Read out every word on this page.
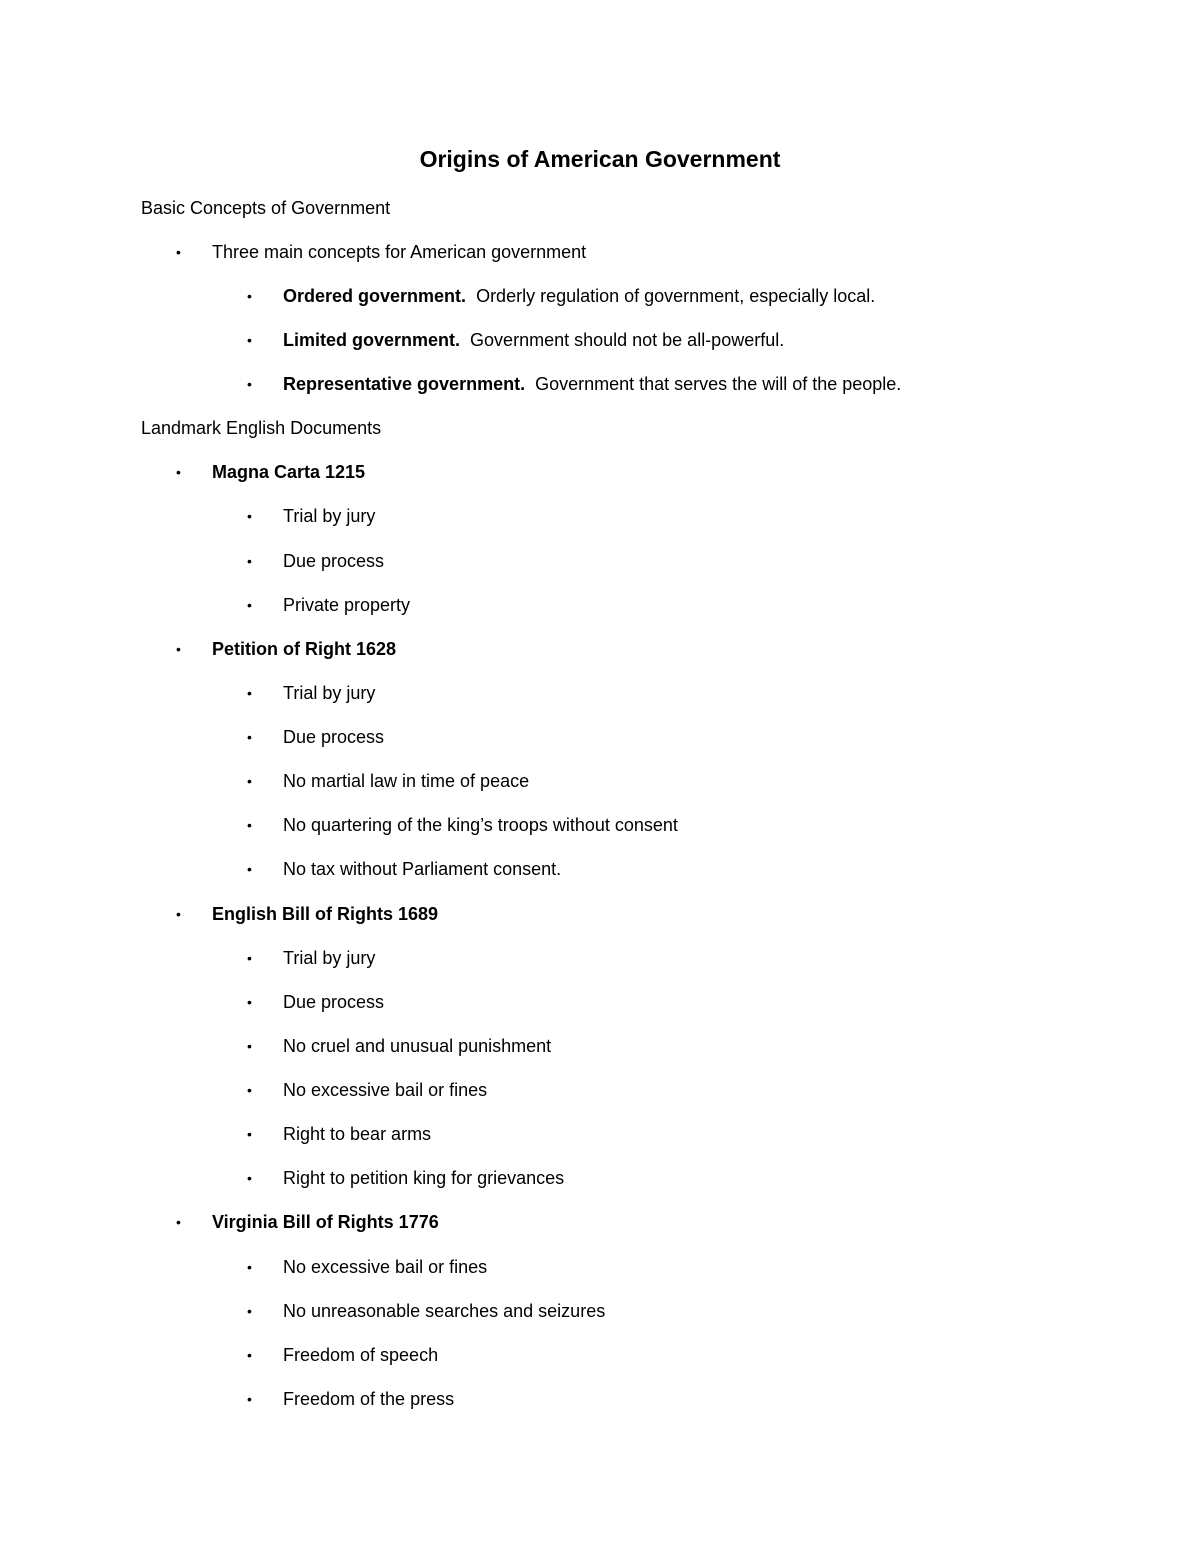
Origins of American Government
Basic Concepts of Government
• Three main concepts for American government
• Ordered government. Orderly regulation of government, especially local.
• Limited government. Government should not be all-powerful.
• Representative government. Government that serves the will of the people.
Landmark English Documents
• Magna Carta 1215
• Trial by jury
• Due process
• Private property
• Petition of Right 1628
• Trial by jury
• Due process
• No martial law in time of peace
• No quartering of the king’s troops without consent
• No tax without Parliament consent.
• English Bill of Rights 1689
• Trial by jury
• Due process
• No cruel and unusual punishment
• No excessive bail or fines
• Right to bear arms
• Right to petition king for grievances
• Virginia Bill of Rights 1776
• No excessive bail or fines
• No unreasonable searches and seizures
• Freedom of speech
• Freedom of the press
